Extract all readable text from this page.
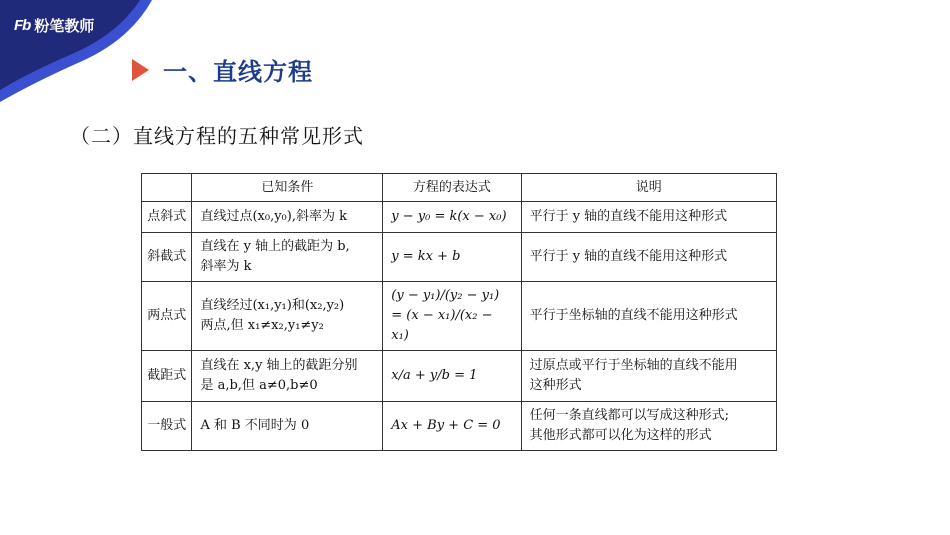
Fb 粉笔教师
一、直线方程
（二）直线方程的五种常见形式
	已知条件	方程的表达式	说明
点斜式	直线过点(x₀,y₀),斜率为 k	y − y₀ = k(x − x₀)	平行于 y 轴的直线不能用这种形式
斜截式	直线在 y 轴上的截距为 b,
斜率为 k	y = kx + b	平行于 y 轴的直线不能用这种形式
两点式	直线经过(x₁,y₁)和(x₂,y₂)
两点,但 x₁≠x₂,y₁≠y₂	(y − y₁)/(y₂ − y₁) = (x − x₁)/(x₂ − x₁)	平行于坐标轴的直线不能用这种形式
截距式	直线在 x,y 轴上的截距分别
是 a,b,但 a≠0,b≠0	x/a + y/b = 1	过原点或平行于坐标轴的直线不能用
这种形式
一般式	A 和 B 不同时为 0	Ax + By + C = 0	任何一条直线都可以写成这种形式;
其他形式都可以化为这样的形式
